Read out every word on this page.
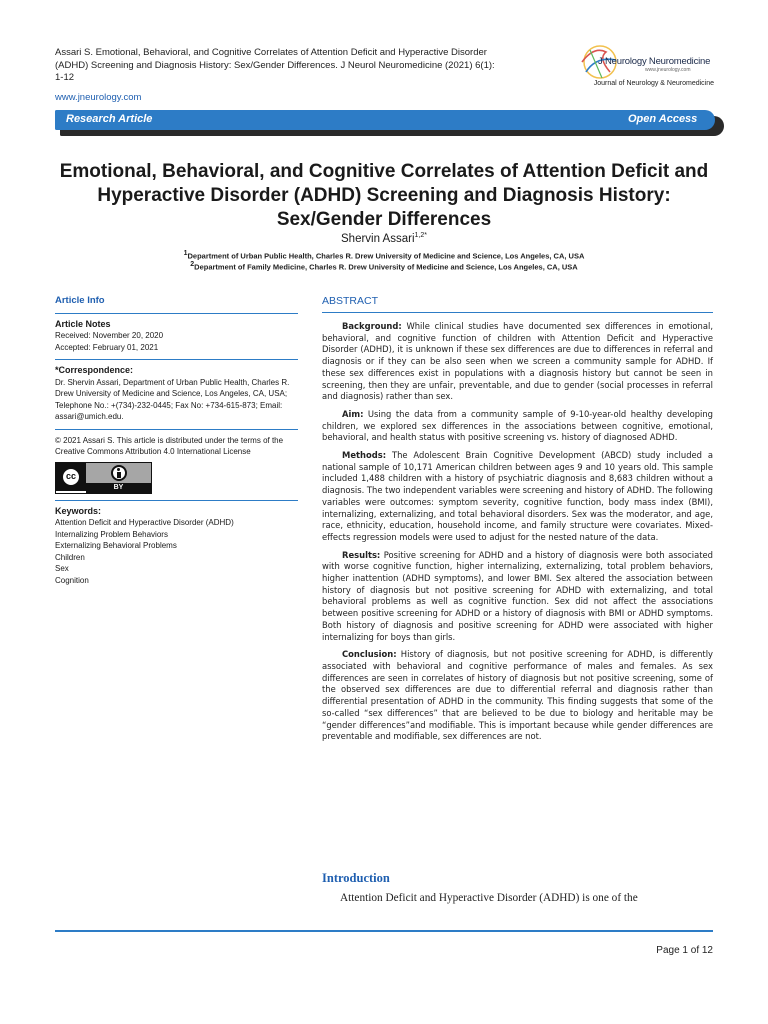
Assari S. Emotional, Behavioral, and Cognitive Correlates of Attention Deficit and Hyperactive Disorder (ADHD) Screening and Diagnosis History: Sex/Gender Differences. J Neurol Neuromedicine (2021) 6(1): 1-12
www.jneurology.com
J Neurology Neuromedicine
www.jneurology.com
Journal of Neurology & Neuromedicine
Research Article	Open Access
Emotional, Behavioral, and Cognitive Correlates of Attention Deficit and Hyperactive Disorder (ADHD) Screening and Diagnosis History: Sex/Gender Differences
Shervin Assari$^{1,2*}$
$^1$Department of Urban Public Health, Charles R. Drew University of Medicine and Science, Los Angeles, CA, USA
$^2$Department of Family Medicine, Charles R. Drew University of Medicine and Science, Los Angeles, CA, USA
Article Info
Article Notes
Received: November 20, 2020
Accepted: February 01, 2021
*Correspondence:
Dr. Shervin Assari, Department of Urban Public Health, Charles R. Drew University of Medicine and Science, Los Angeles, CA, USA; Telephone No.: +(734)-232-0445; Fax No: +734-615-873; Email: assari@umich.edu.
© 2021 Assari S. This article is distributed under the terms of the Creative Commons Attribution 4.0 International License
cc
BY
Keywords:
Attention Deficit and Hyperactive Disorder (ADHD)
Internalizing Problem Behaviors
Externalizing Behavioral Problems
Children
Sex
Cognition
ABSTRACT

Background: While clinical studies have documented sex differences in emotional, behavioral, and cognitive function of children with Attention Deficit and Hyperactive Disorder (ADHD), it is unknown if these sex differences are due to differences in referral and diagnosis or if they can be also seen when we screen a community sample for ADHD. If these sex differences exist in populations with a diagnosis history but cannot be seen in screening, then they are unfair, preventable, and due to gender (social processes in referral and diagnosis) rather than sex.

Aim: Using the data from a community sample of 9-10-year-old healthy developing children, we explored sex differences in the associations between cognitive, emotional, behavioral, and health status with positive screening vs. history of diagnosed ADHD.

Methods: The Adolescent Brain Cognitive Development (ABCD) study included a national sample of 10,171 American children between ages 9 and 10 years old. This sample included 1,488 children with a history of psychiatric diagnosis and 8,683 children without a diagnosis. The two independent variables were screening and history of ADHD. The following variables were outcomes: symptom severity, cognitive function, body mass index (BMI), internalizing, externalizing, and total behavioral disorders. Sex was the moderator, and age, race, ethnicity, education, household income, and family structure were covariates. Mixed-effects regression models were used to adjust for the nested nature of the data.

Results: Positive screening for ADHD and a history of diagnosis were both associated with worse cognitive function, higher internalizing, externalizing, total problem behaviors, higher inattention (ADHD symptoms), and lower BMI. Sex altered the association between history of diagnosis but not positive screening for ADHD with externalizing, and total behavioral problems as well as cognitive function. Sex did not affect the associations between positive screening for ADHD or a history of diagnosis with BMI or ADHD symptoms. Both history of diagnosis and positive screening for ADHD were associated with higher internalizing for boys than girls.

Conclusion: History of diagnosis, but not positive screening for ADHD, is differently associated with behavioral and cognitive performance of males and females. As sex differences are seen in correlates of history of diagnosis but not positive screening, some of the observed sex differences are due to differential referral and diagnosis rather than differential presentation of ADHD in the community. This finding suggests that some of the so-called “sex differences” that are believed to be due to biology and heritable may be “gender differences”and modifiable. This is important because while gender differences are preventable and modifiable, sex differences are not.

Introduction
Attention Deficit and Hyperactive Disorder (ADHD) is one of the
Page 1 of 12
